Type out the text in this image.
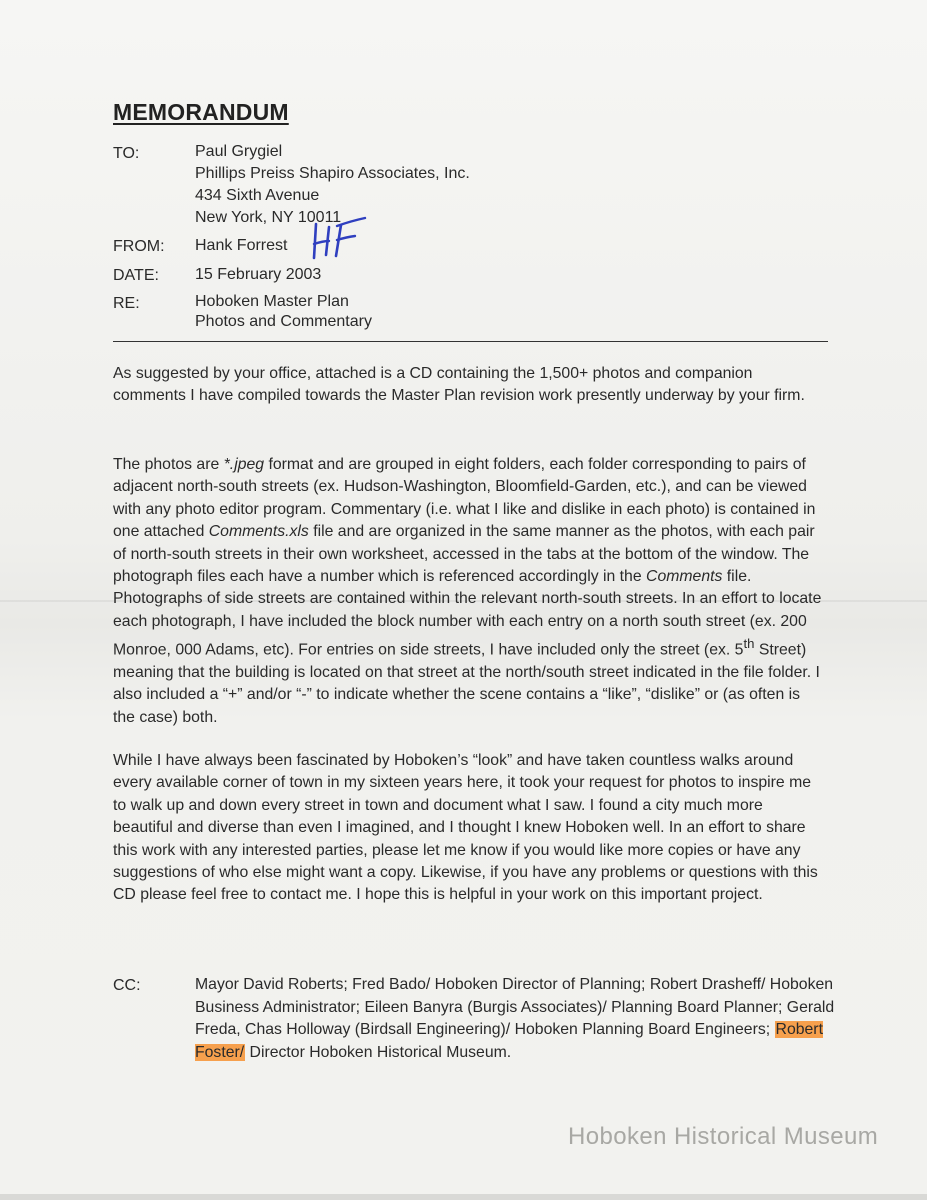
MEMORANDUM
TO:	Paul Grygiel
Phillips Preiss Shapiro Associates, Inc.
434 Sixth Avenue
New York, NY 10011
FROM: Hank Forrest
DATE: 15 February 2003
RE:	Hoboken Master Plan
Photos and Commentary

As suggested by your office, attached is a CD containing the 1,500+ photos and companion comments I have compiled towards the Master Plan revision work presently underway by your firm.

The photos are *.jpeg format and are grouped in eight folders, each folder corresponding to pairs of adjacent north-south streets (ex. Hudson-Washington, Bloomfield-Garden, etc.), and can be viewed with any photo editor program. Commentary (i.e. what I like and dislike in each photo) is contained in one attached Comments.xls file and are organized in the same manner as the photos, with each pair of north-south streets in their own worksheet, accessed in the tabs at the bottom of the window. The photograph files each have a number which is referenced accordingly in the Comments file. Photographs of side streets are contained within the relevant north-south streets. In an effort to locate each photograph, I have included the block number with each entry on a north south street (ex. 200 Monroe, 000 Adams, etc). For entries on side streets, I have included only the street (ex. 5th Street) meaning that the building is located on that street at the north/south street indicated in the file folder. I also included a “+” and/or “-” to indicate whether the scene contains a “like”, “dislike” or (as often is the case) both.

While I have always been fascinated by Hoboken’s “look” and have taken countless walks around every available corner of town in my sixteen years here, it took your request for photos to inspire me to walk up and down every street in town and document what I saw. I found a city much more beautiful and diverse than even I imagined, and I thought I knew Hoboken well. In an effort to share this work with any interested parties, please let me know if you would like more copies or have any suggestions of who else might want a copy. Likewise, if you have any problems or questions with this CD please feel free to contact me. I hope this is helpful in your work on this important project.

CC:	Mayor David Roberts; Fred Bado/ Hoboken Director of Planning; Robert Drasheff/ Hoboken Business Administrator; Eileen Banyra (Burgis Associates)/ Planning Board Planner; Gerald Freda, Chas Holloway (Birdsall Engineering)/ Hoboken Planning Board Engineers; Robert Foster/ Director Hoboken Historical Museum.

Hoboken Historical Museum
